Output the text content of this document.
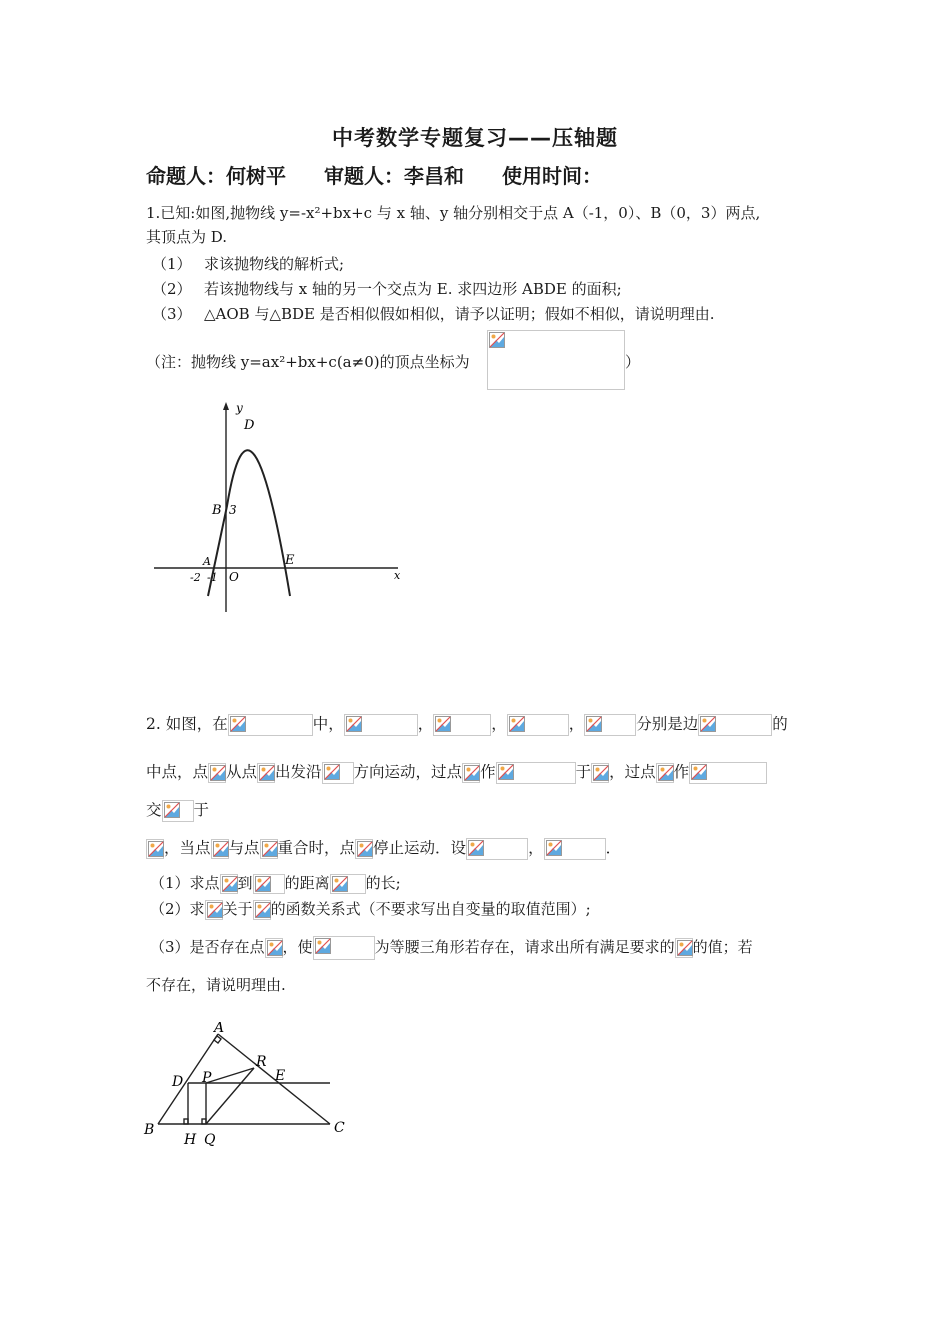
中考数学专题复习——压轴题
命题人：何树平 审题人：李昌和 使用时间：
1.已知:如图,抛物线 y=-x²+bx+c 与 x 轴、y 轴分别相交于点 A（-1，0）、B（0，3）两点,
其顶点为 D.
（1） 求该抛物线的解析式;
（2） 若该抛物线与 x 轴的另一个交点为 E. 求四边形 ABDE 的面积;
（3） △AOB 与△BDE 是否相似假如相似，请予以证明；假如不相似，请说明理由.
（注：抛物线 y=ax²+bx+c(a≠0)的顶点坐标为	）
y
x
D
B 3
A
-2 -1 O
E
2. 如图，在	中，	，	，	，	分别是边	的
中点，点 从点 出发沿 方向运动，过点 作	于 ，过点 作
交 于
，当点 与点 重合时，点 停止运动．设	，	．
（1）求点 到 的距离 的长;
（2）求 关于 的函数关系式（不要求写出自变量的取值范围）;
（3）是否存在点 ，使	为等腰三角形若存在，请求出所有满足要求的 的值；若
不存在，请说明理由.
A
R
D P	E
B	C
H Q
